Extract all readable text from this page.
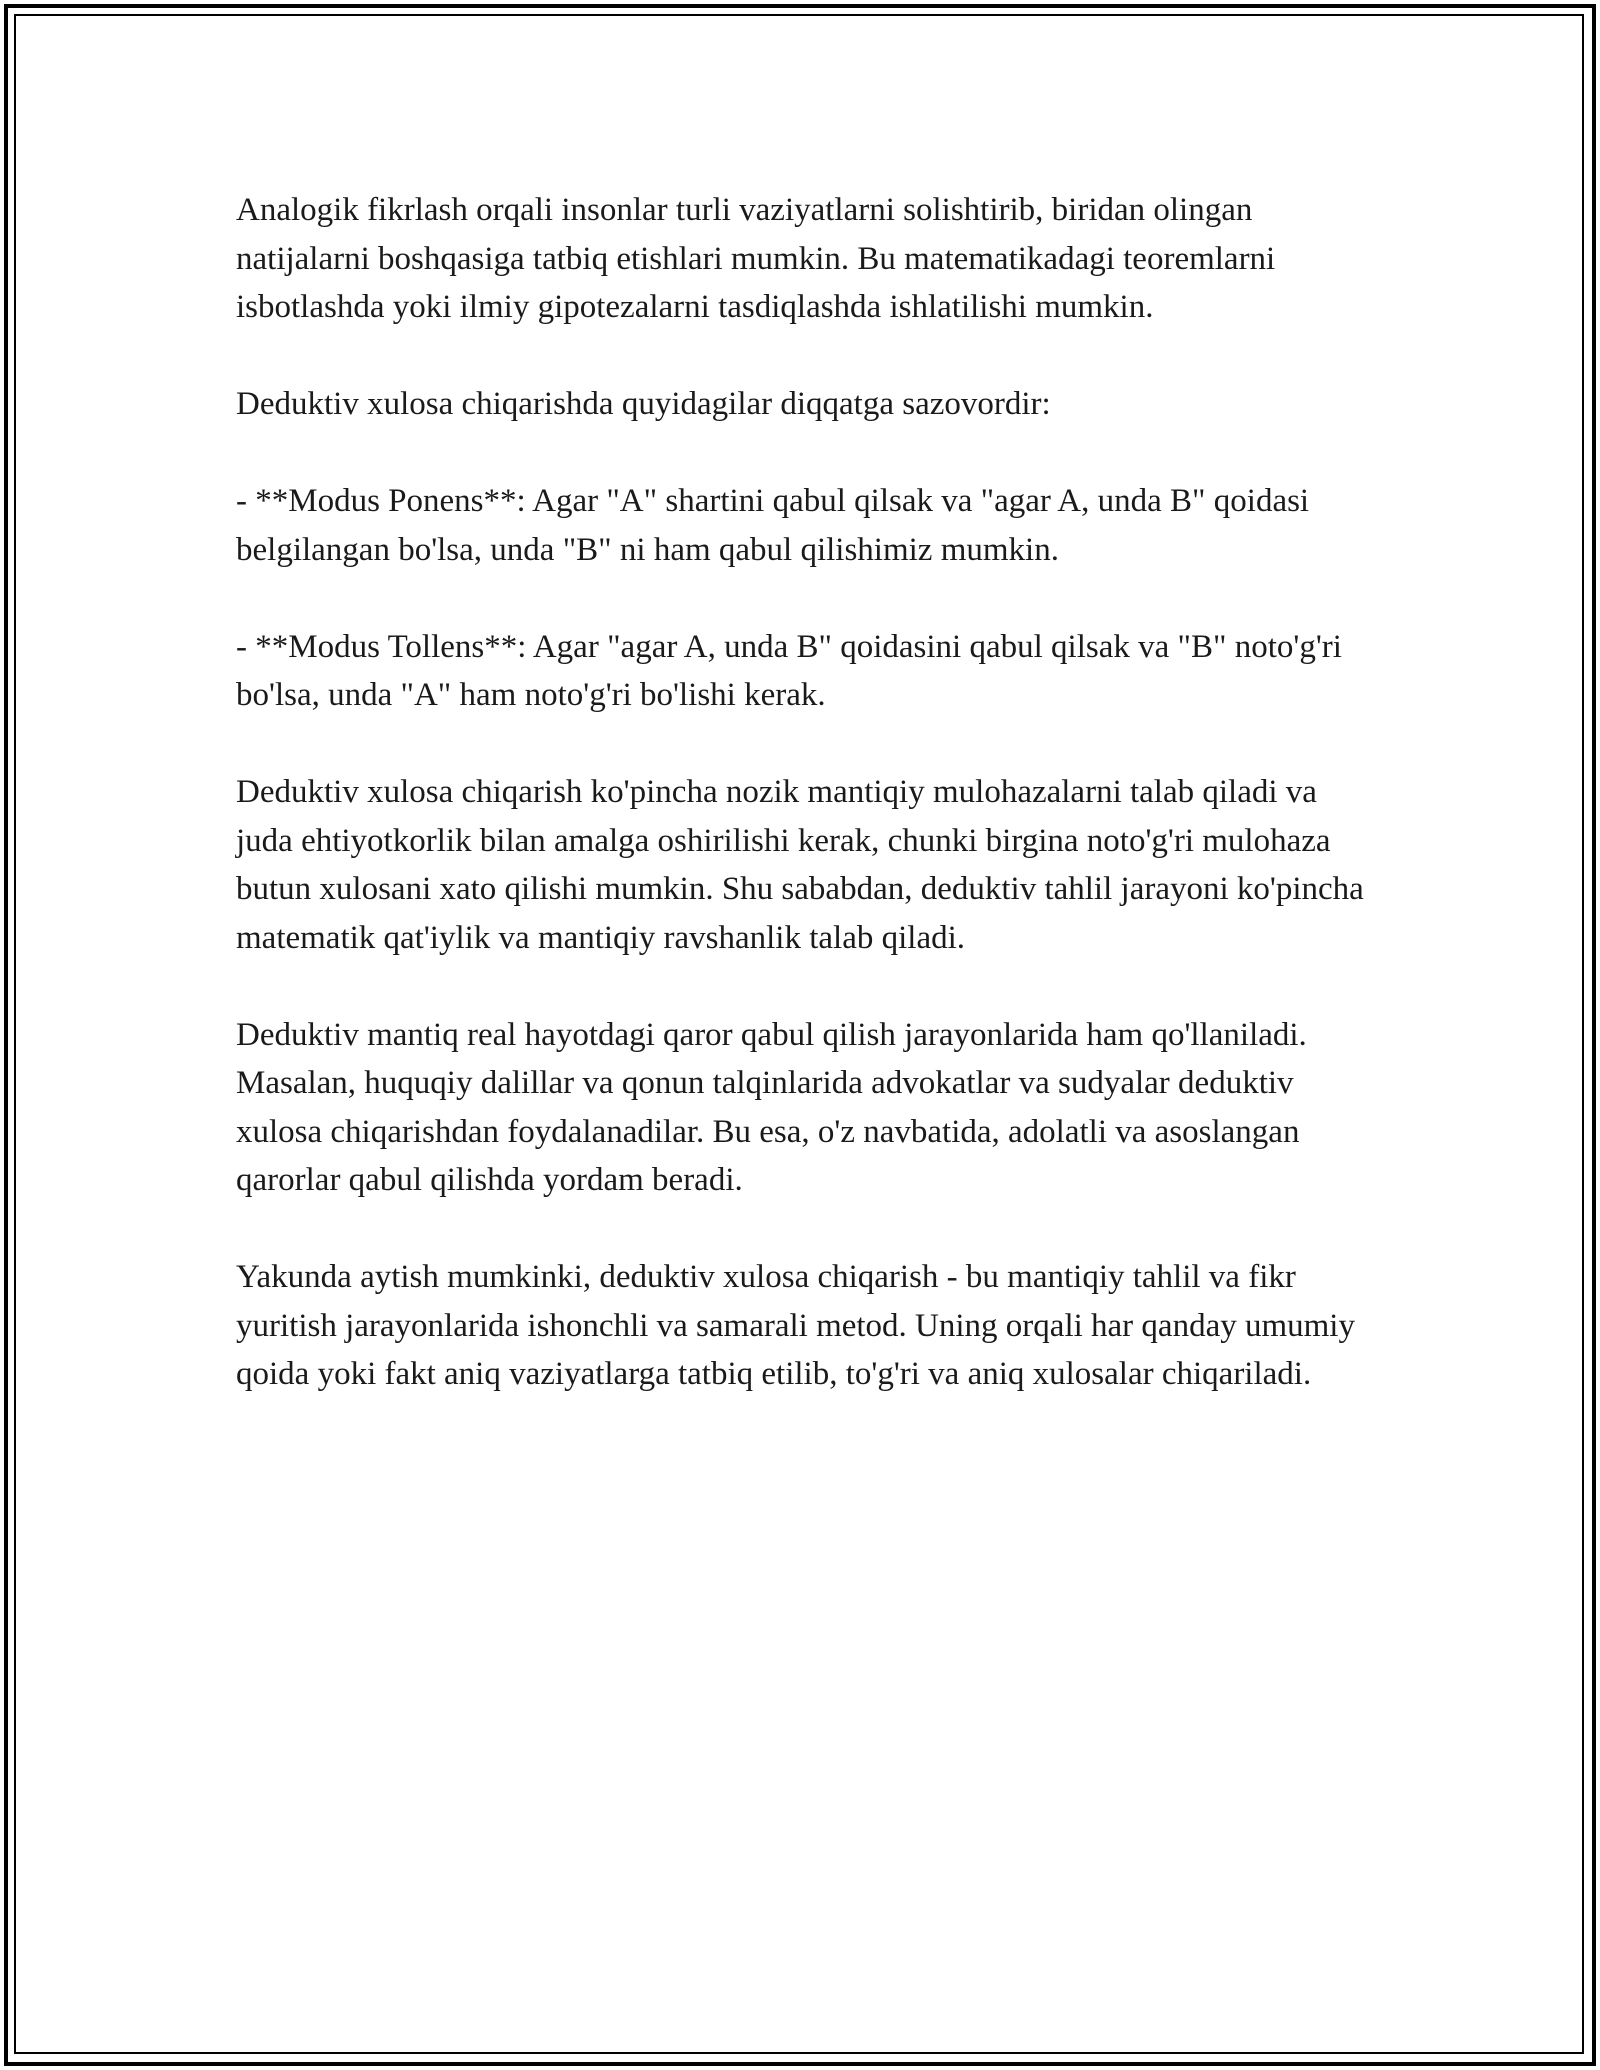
Analogik fikrlash orqali insonlar turli vaziyatlarni solishtirib, biridan olingan natijalarni boshqasiga tatbiq etishlari mumkin. Bu matematikadagi teoremlarni isbotlashda yoki ilmiy gipotezalarni tasdiqlashda ishlatilishi mumkin.

Deduktiv xulosa chiqarishda quyidagilar diqqatga sazovordir:

- **Modus Ponens**: Agar "A" shartini qabul qilsak va "agar A, unda B" qoidasi belgilangan bo'lsa, unda "B" ni ham qabul qilishimiz mumkin.

- **Modus Tollens**: Agar "agar A, unda B" qoidasini qabul qilsak va "B" noto'g'ri bo'lsa, unda "A" ham noto'g'ri bo'lishi kerak.

Deduktiv xulosa chiqarish ko'pincha nozik mantiqiy mulohazalarni talab qiladi va juda ehtiyotkorlik bilan amalga oshirilishi kerak, chunki birgina noto'g'ri mulohaza butun xulosani xato qilishi mumkin. Shu sababdan, deduktiv tahlil jarayoni ko'pincha matematik qat'iylik va mantiqiy ravshanlik talab qiladi.

Deduktiv mantiq real hayotdagi qaror qabul qilish jarayonlarida ham qo'llaniladi. Masalan, huquqiy dalillar va qonun talqinlarida advokatlar va sudyalar deduktiv xulosa chiqarishdan foydalanadilar. Bu esa, o'z navbatida, adolatli va asoslangan qarorlar qabul qilishda yordam beradi.

Yakunda aytish mumkinki, deduktiv xulosa chiqarish - bu mantiqiy tahlil va fikr yuritish jarayonlarida ishonchli va samarali metod. Uning orqali har qanday umumiy qoida yoki fakt aniq vaziyatlarga tatbiq etilib, to'g'ri va aniq xulosalar chiqariladi.
